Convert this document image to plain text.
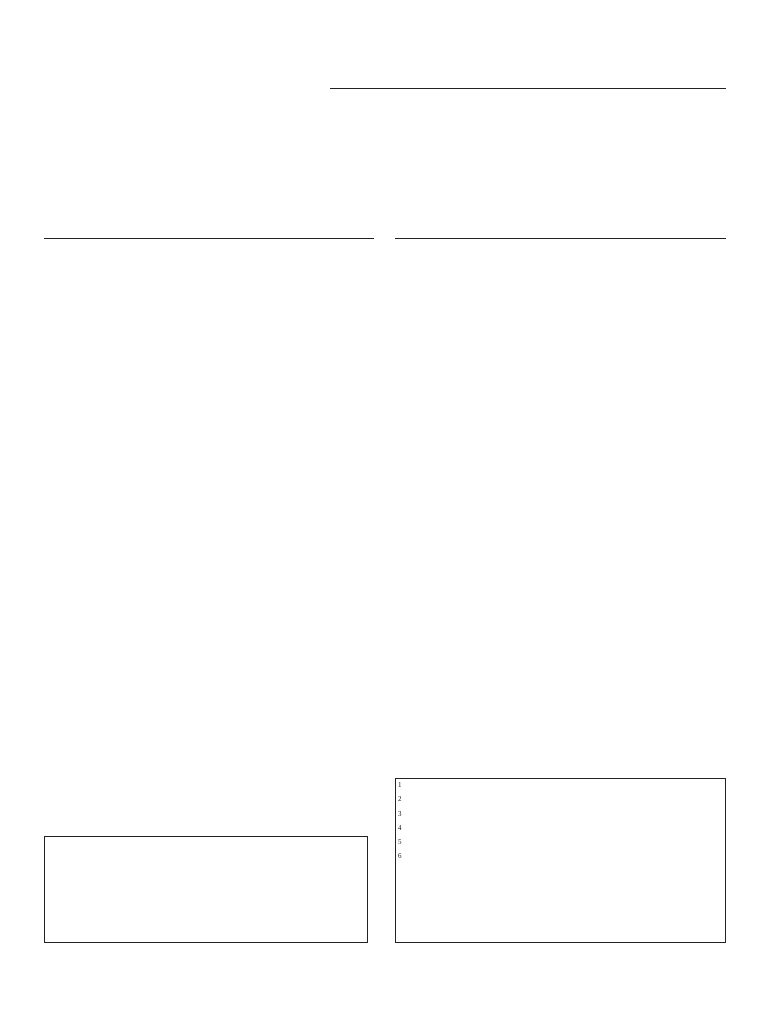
$^1$
$^2$
$^3$
$^4$
$^5$
$^6$
